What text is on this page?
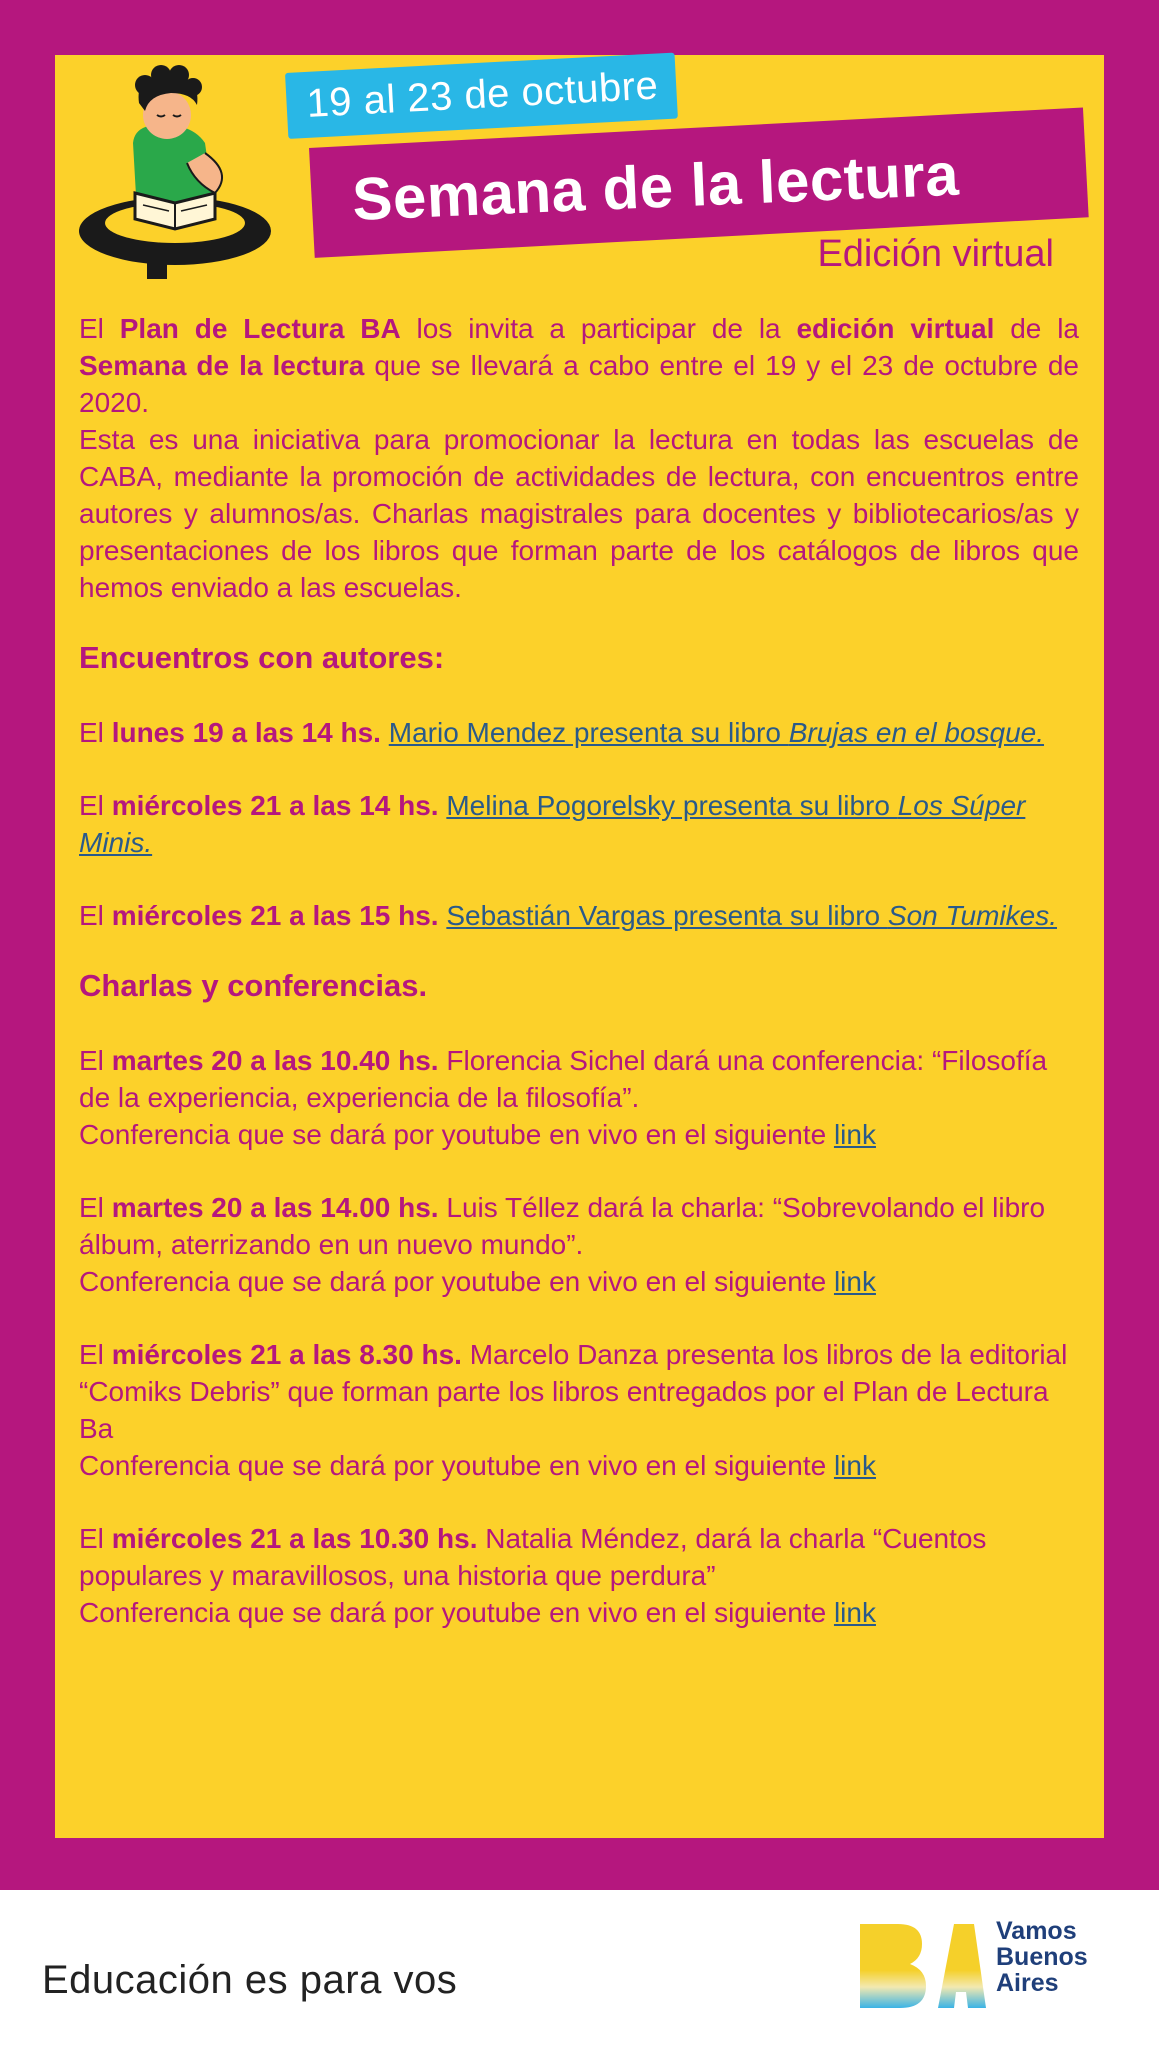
19 al 23 de octubre
Semana de la lectura
Edición virtual

El Plan de Lectura BA los invita a participar de la edición virtual de la Semana de la lectura que se llevará a cabo entre el 19 y el 23 de octubre de 2020.

Esta es una iniciativa para promocionar la lectura en todas las escuelas de CABA, mediante la promoción de actividades de lectura, con encuentros entre autores y alumnos/as. Charlas magistrales para docentes y bibliotecarios/as y presentaciones de los libros que forman parte de los catálogos de libros que hemos enviado a las escuelas.

Encuentros con autores:

El lunes 19 a las 14 hs. Mario Mendez presenta su libro Brujas en el bosque.

El miércoles 21 a las 14 hs. Melina Pogorelsky presenta su libro Los Súper Minis.

El miércoles 21 a las 15 hs. Sebastián Vargas presenta su libro Son Tumikes.

Charlas y conferencias.

El martes 20 a las 10.40 hs. Florencia Sichel dará una conferencia: “Filosofía de la experiencia, experiencia de la filosofía”.
Conferencia que se dará por youtube en vivo en el siguiente link

El martes 20 a las 14.00 hs. Luis Téllez dará la charla: “Sobrevolando el libro álbum, aterrizando en un nuevo mundo”.
Conferencia que se dará por youtube en vivo en el siguiente link

El miércoles 21 a las 8.30 hs. Marcelo Danza presenta los libros de la editorial “Comiks Debris” que forman parte los libros entregados por el Plan de Lectura Ba
Conferencia que se dará por youtube en vivo en el siguiente link

El miércoles 21 a las 10.30 hs. Natalia Méndez, dará la charla “Cuentos populares y maravillosos, una historia que perdura”
Conferencia que se dará por youtube en vivo en el siguiente link

Educación es para vos
Vamos
Buenos
Aires
